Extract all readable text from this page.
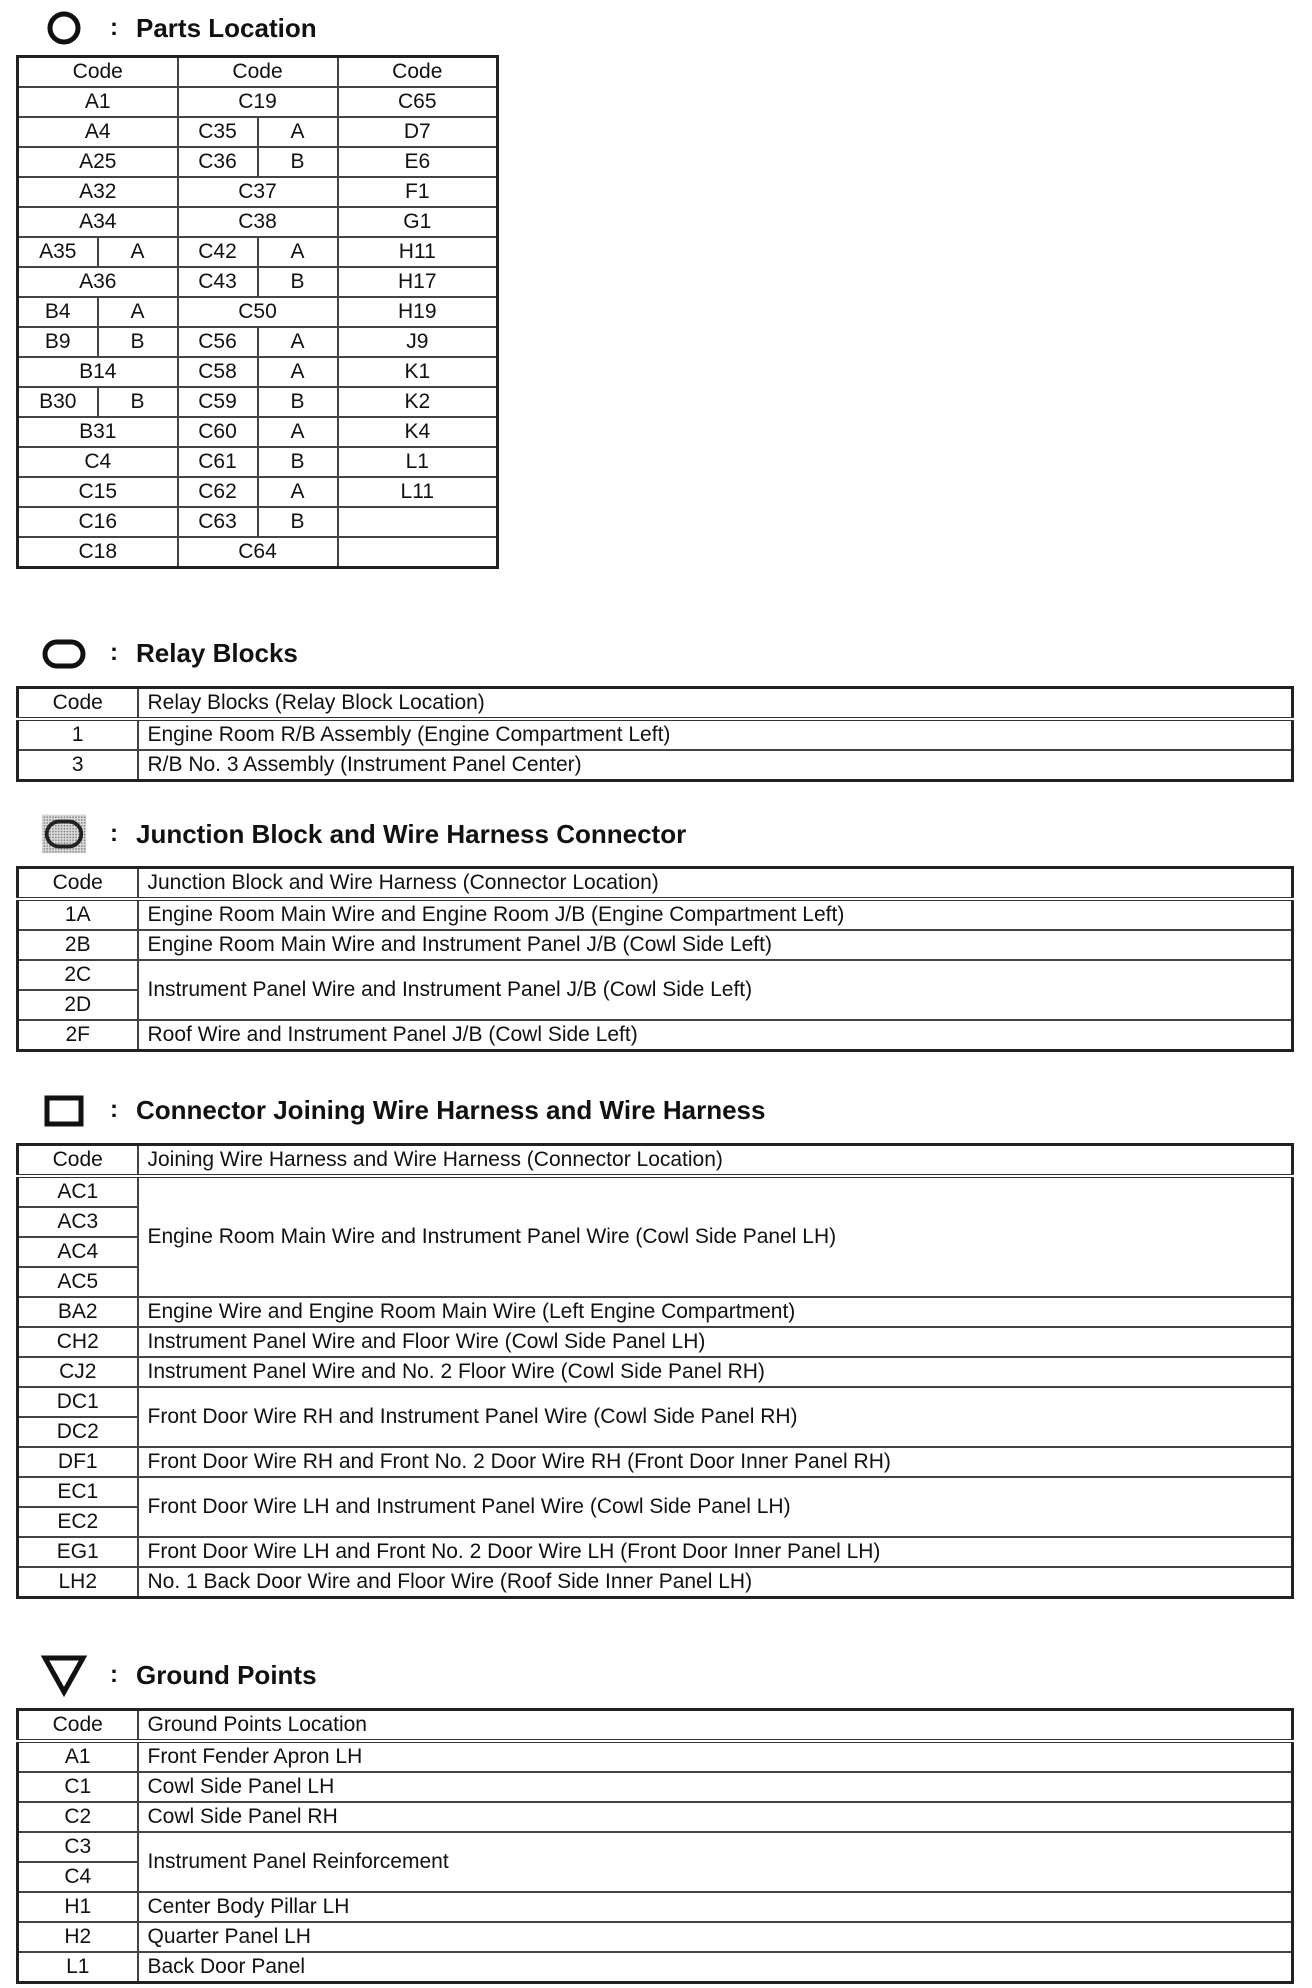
: Parts Location
Code		Code		Code
A1		C19		C65
A4		C35	A	D7
A25		C36	B	E6
A32		C37		F1
A34		C38		G1
A35	A	C42	A	H11
A36		C43	B	H17
B4	A	C50		H19
B9	B	C56	A	J9
B14		C58	A	K1
B30	B	C59	B	K2
B31		C60	A	K4
C4		C61	B	L1
C15		C62	A	L11
C16		C63	B	
C18		C64		
: Relay Blocks
Code	Relay Blocks (Relay Block Location)
1	Engine Room R/B Assembly (Engine Compartment Left)
3	R/B No. 3 Assembly (Instrument Panel Center)
: Junction Block and Wire Harness Connector
Code	Junction Block and Wire Harness (Connector Location)
1A	Engine Room Main Wire and Engine Room J/B (Engine Compartment Left)
2B	Engine Room Main Wire and Instrument Panel J/B (Cowl Side Left)
2C	Instrument Panel Wire and Instrument Panel J/B (Cowl Side Left)
2D	
2F	Roof Wire and Instrument Panel J/B (Cowl Side Left)
: Connector Joining Wire Harness and Wire Harness
Code	Joining Wire Harness and Wire Harness (Connector Location)
AC1	Engine Room Main Wire and Instrument Panel Wire (Cowl Side Panel LH)
AC3	
AC4	
AC5	
BA2	Engine Wire and Engine Room Main Wire (Left Engine Compartment)
CH2	Instrument Panel Wire and Floor Wire (Cowl Side Panel LH)
CJ2	Instrument Panel Wire and No. 2 Floor Wire (Cowl Side Panel RH)
DC1	Front Door Wire RH and Instrument Panel Wire (Cowl Side Panel RH)
DC2	
DF1	Front Door Wire RH and Front No. 2 Door Wire RH (Front Door Inner Panel RH)
EC1	Front Door Wire LH and Instrument Panel Wire (Cowl Side Panel LH)
EC2	
EG1	Front Door Wire LH and Front No. 2 Door Wire LH (Front Door Inner Panel LH)
LH2	No. 1 Back Door Wire and Floor Wire (Roof Side Inner Panel LH)
: Ground Points
Code	Ground Points Location
A1	Front Fender Apron LH
C1	Cowl Side Panel LH
C2	Cowl Side Panel RH
C3	Instrument Panel Reinforcement
C4	
H1	Center Body Pillar LH
H2	Quarter Panel LH
L1	Back Door Panel
